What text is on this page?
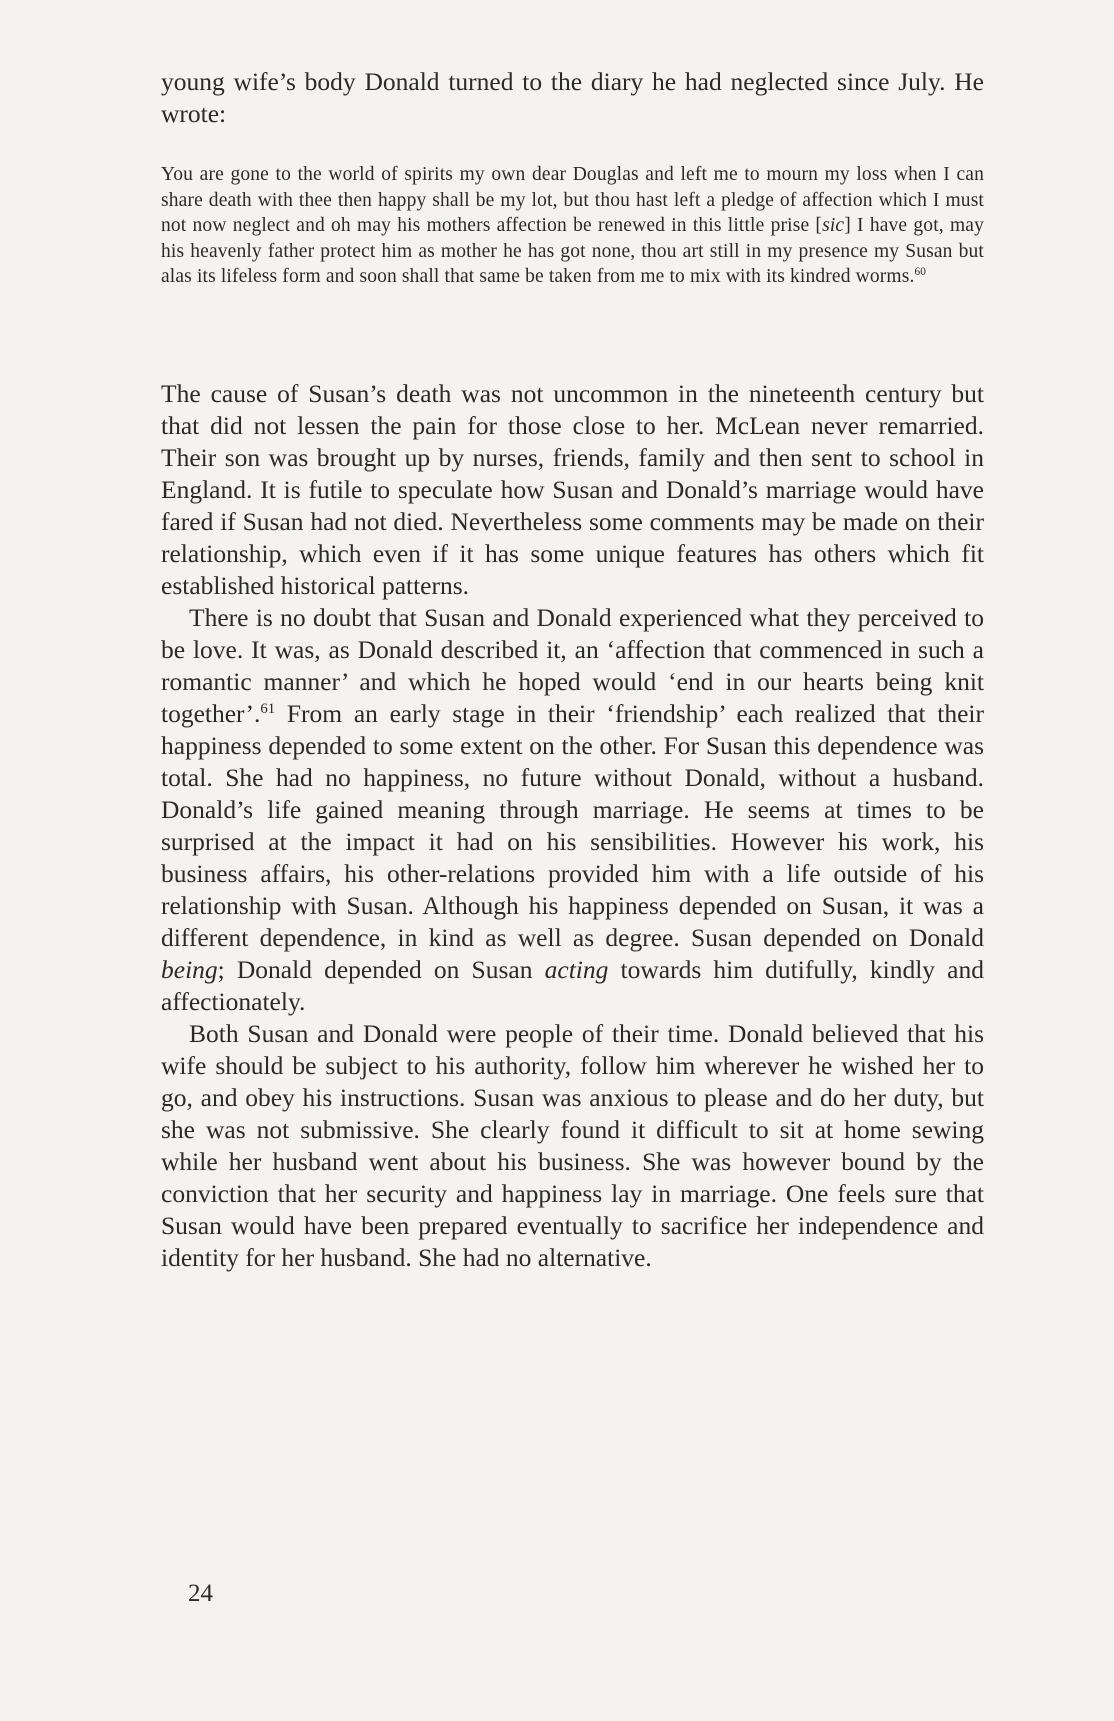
young wife’s body Donald turned to the diary he had neglected since July. He wrote:

You are gone to the world of spirits my own dear Douglas and left me to mourn my loss when I can share death with thee then happy shall be my lot, but thou hast left a pledge of affection which I must not now neglect and oh may his mothers affection be renewed in this little prise [sic] I have got, may his heavenly father protect him as mother he has got none, thou art still in my presence my Susan but alas its lifeless form and soon shall that same be taken from me to mix with its kindred worms.$^{60}$

The cause of Susan’s death was not uncommon in the nineteenth century but that did not lessen the pain for those close to her. McLean never remarried. Their son was brought up by nurses, friends, family and then sent to school in England. It is futile to speculate how Susan and Donald’s marriage would have fared if Susan had not died. Nevertheless some comments may be made on their relationship, which even if it has some unique features has others which fit established historical patterns.

There is no doubt that Susan and Donald experienced what they perceived to be love. It was, as Donald described it, an ‘affection that commenced in such a romantic manner’ and which he hoped would ‘end in our hearts being knit together’.$^{61}$ From an early stage in their ‘friendship’ each realized that their happiness depended to some extent on the other. For Susan this dependence was total. She had no happiness, no future without Donald, without a husband. Donald’s life gained meaning through marriage. He seems at times to be surprised at the impact it had on his sensibilities. However his work, his business affairs, his other-relations provided him with a life outside of his relationship with Susan. Although his happiness depended on Susan, it was a different dependence, in kind as well as degree. Susan depended on Donald being; Donald depended on Susan acting towards him dutifully, kindly and affectionately.

Both Susan and Donald were people of their time. Donald believed that his wife should be subject to his authority, follow him wherever he wished her to go, and obey his instructions. Susan was anxious to please and do her duty, but she was not submissive. She clearly found it difficult to sit at home sewing while her husband went about his business. She was however bound by the conviction that her security and happiness lay in marriage. One feels sure that Susan would have been prepared eventually to sacrifice her independence and identity for her husband. She had no alternative.

24
